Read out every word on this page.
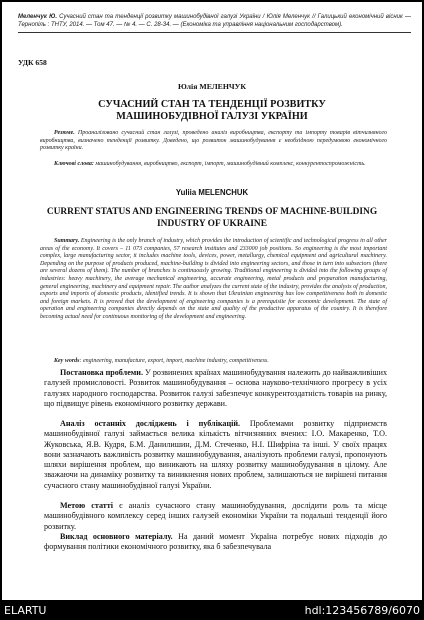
Меленчук Ю. Сучасний стан та тенденції розвитку машинобудівної галузі України / Юлія Меленчук // Галицький економічний вісник — Тернопіль : ТНТУ, 2014. — Том 47. — № 4. — С. 28-34. — (Економіка та управління національним господарством).
УДК 658
Юлія МЕЛЕНЧУК
СУЧАСНИЙ СТАН ТА ТЕНДЕНЦІЇ РОЗВИТКУ МАШИНОБУДІВНОЇ ГАЛУЗІ УКРАЇНИ

Резюме. Проаналізовано сучасний стан галузі, проведено аналіз виробництва, експорту та імпорту товарів вітчизняного виробництва, визначено тенденції розвитку. Доведено, що розвиток машинобудування є необхідною передумовою економічного розвитку країни.

Ключові слова: машинобудування, виробництво, експорт, імпорт, машинобудівний комплекс, конкурентоспроможність.

Yuliia MELENCHUK
CURRENT STATUS AND ENGINEERING TRENDS OF MACHINE-BUILDING INDUSTRY OF UKRAINE

Summary. Engineering is the only branch of industry, which provides the introduction of scientific and technological progress in all other areas of the economy. It covers – 11 073 companies, 57 research institutes and 233000 job positions. So engineering is the most important complex, large manufacturing sector, it includes machine tools, devices, power, metallurgy, chemical equipment and agricultural machinery. Depending on the purpose of products produced, machine-building is divided into engineering sectors, and those in turn into subsectors (there are several dozens of them). The number of branches is continuously growing. Traditional engineering is divided into the following groups of industries: heavy machinery, the average mechanical engineering, accurate engineering, metal products and preparation manufacturing, general engineering, machinery and equipment repair. The author analyzes the current state of the industry, provides the analysis of production, exports and imports of domestic products, identified trends. It is shown that Ukrainian engineering has low competitiveness both in domestic and foreign markets. It is proved that the development of engineering companies is a prerequisite for economic development. The state of operation and engineering companies directly depends on the state and quality of the productive apparatus of the country. It is therefore becoming actual need for continuous monitoring of the development and engineering.

Key words: engineering, manufacture, export, import, machine industry, competitiveness.

Постановка проблеми. У розвинених країнах машинобудування належить до найважливіших галузей промисловості. Розвиток машинобудування – основа науково-технічного прогресу в усіх галузях народного господарства. Розвиток галузі забезпечує конкурентоздатність товарів на ринку, що підвищує рівень економічного розвитку держави.

Аналіз останніх досліджень і публікацій. Проблемами розвитку підприємств машинобудівної галузі займається велика кількість вітчизняних вчених: І.О. Макаренко, Т.О. Жуковська, Я.В. Кудря, Б.М. Данилишин, Д.М. Стеченко, Н.І. Шифріна та інші. У своїх працях вони зазначають важливість розвитку машинобудування, аналізують проблеми галузі, пропонують шляхи вирішення проблем, що виникають на шляху розвитку машинобудування в цілому. Але зважаючи на динаміку розвитку та виникнення нових проблем, залишаються не вирішені питання сучасного стану машинобудівної галузі України.

Метою статті є аналіз сучасного стану машинобудування, дослідити роль та місце машинобудівного комплексу серед інших галузей економіки України та подальші тенденції його розвитку.

Виклад основного матеріалу. На даний момент Україна потребує нових підходів до формування політики економічного розвитку, яка б забезпечувала

ELARTU	hdl:123456789/6070
